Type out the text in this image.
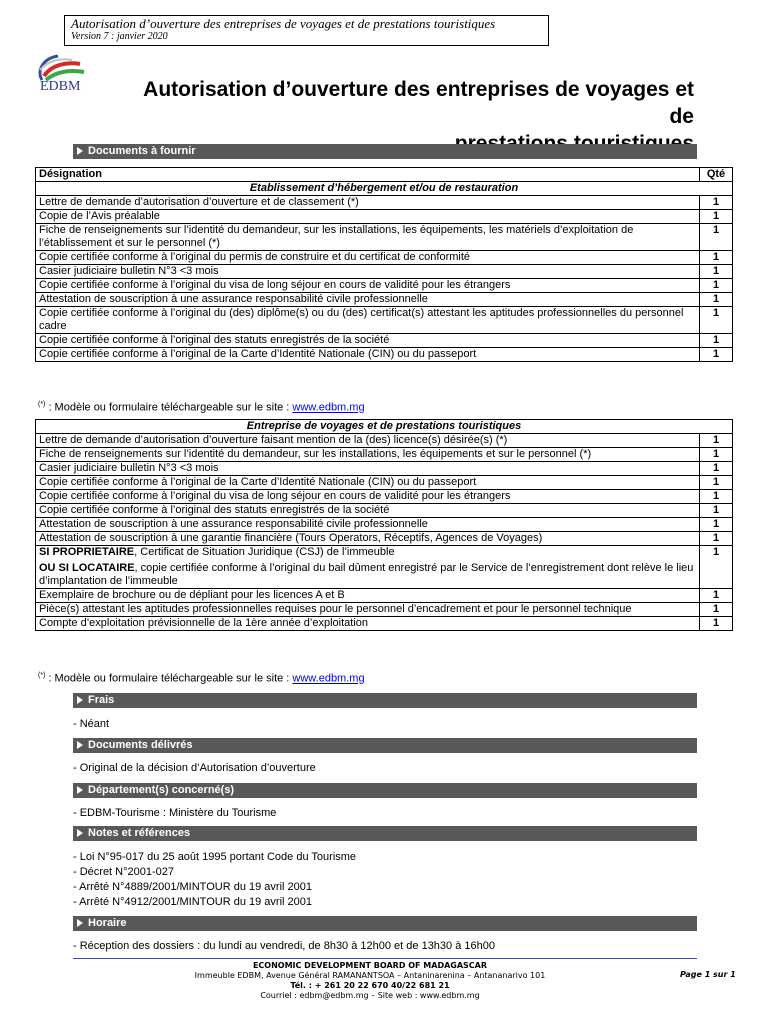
Autorisation d’ouverture des entreprises de voyages et de prestations touristiques
Version 7 : janvier 2020
EDBM	Autorisation d’ouverture des entreprises de voyages et de
Documents à fournir
Désignation	Qté
Etablissement d’hébergement et/ou de restauration	
Lettre de demande d’autorisation d’ouverture et de classement (*)	1
Copie de l’Avis préalable	1
Fiche de renseignements sur l’identité du demandeur, sur les installations, les équipements, les matériels d’exploitation de l’établissement et sur le personnel (*)	1
Copie certifiée conforme à l’original du permis de construire et du certificat de conformité	1
Casier judiciaire bulletin N°3 <3 mois	1
Copie certifiée conforme à l’original du visa de long séjour en cours de validité pour les étrangers	1
Attestation de souscription à une assurance responsabilité civile professionnelle	1
Copie certifiée conforme à l’original du (des) diplôme(s) ou du (des) certificat(s) attestant les aptitudes professionnelles du personnel cadre	1
Copie certifiée conforme à l’original des statuts enregistrés de la société	1
Copie certifiée conforme à l’original de la Carte d’Identité Nationale (CIN) ou du passeport	1
(*) : Modèle ou formulaire téléchargeable sur le site : www.edbm.mg
Entreprise de voyages et de prestations touristiques	
Lettre de demande d’autorisation d’ouverture faisant mention de la (des) licence(s) désirée(s) (*)	1
Fiche de renseignements sur l’identité du demandeur, sur les installations, les équipements et sur le personnel (*)	1
Casier judiciaire bulletin N°3 <3 mois	1
Copie certifiée conforme à l’original de la Carte d’Identité Nationale (CIN) ou du passeport	1
Copie certifiée conforme à l’original du visa de long séjour en cours de validité pour les étrangers	1
Copie certifiée conforme à l’original des statuts enregistrés de la société	1
Attestation de souscription à une assurance responsabilité civile professionnelle	1
Attestation de souscription à une garantie financière (Tours Operators, Réceptifs, Agences de Voyages)	1

SI PROPRIETAIRE, Certificat de Situation Juridique (CSJ) de l’immeuble
OU SI LOCATAIRE, copie certifiée conforme à l’original du bail dûment enregistré par le Service de l’enregistrement dont relève le lieu d’implantation de l’immeuble	1
Exemplaire de brochure ou de dépliant pour les licences A et B	1
Pièce(s) attestant les aptitudes professionnelles requises pour le personnel d’encadrement et pour le personnel technique	1
Compte d’exploitation prévisionnelle de la 1ère année d’exploitation	1
(*) : Modèle ou formulaire téléchargeable sur le site : www.edbm.mg
Frais
- Néant
Documents délivrés
- Original de la décision d’Autorisation d’ouverture
Département(s) concerné(s)
- EDBM-Tourisme : Ministère du Tourisme
Notes et références
- Loi N°95-017 du 25 août 1995 portant Code du Tourisme
- Décret N°2001-027
- Arrêté N°4889/2001/MINTOUR du 19 avril 2001
- Arrêté N°4912/2001/MINTOUR du 19 avril 2001
Horaire
- Réception des dossiers : du lundi au vendredi, de 8h30 à 12h00 et de 13h30 à 16h00
ECONOMIC DEVELOPMENT BOARD OF MADAGASCAR
Immeuble EDBM, Avenue Général RAMANANTSOA – Antaninarenina – Antananarivo 101
Tél. : + 261 20 22 670 40/22 681 21
Courriel : edbm@edbm.mg – Site web : www.edbm.mg
Page 1 sur 1
